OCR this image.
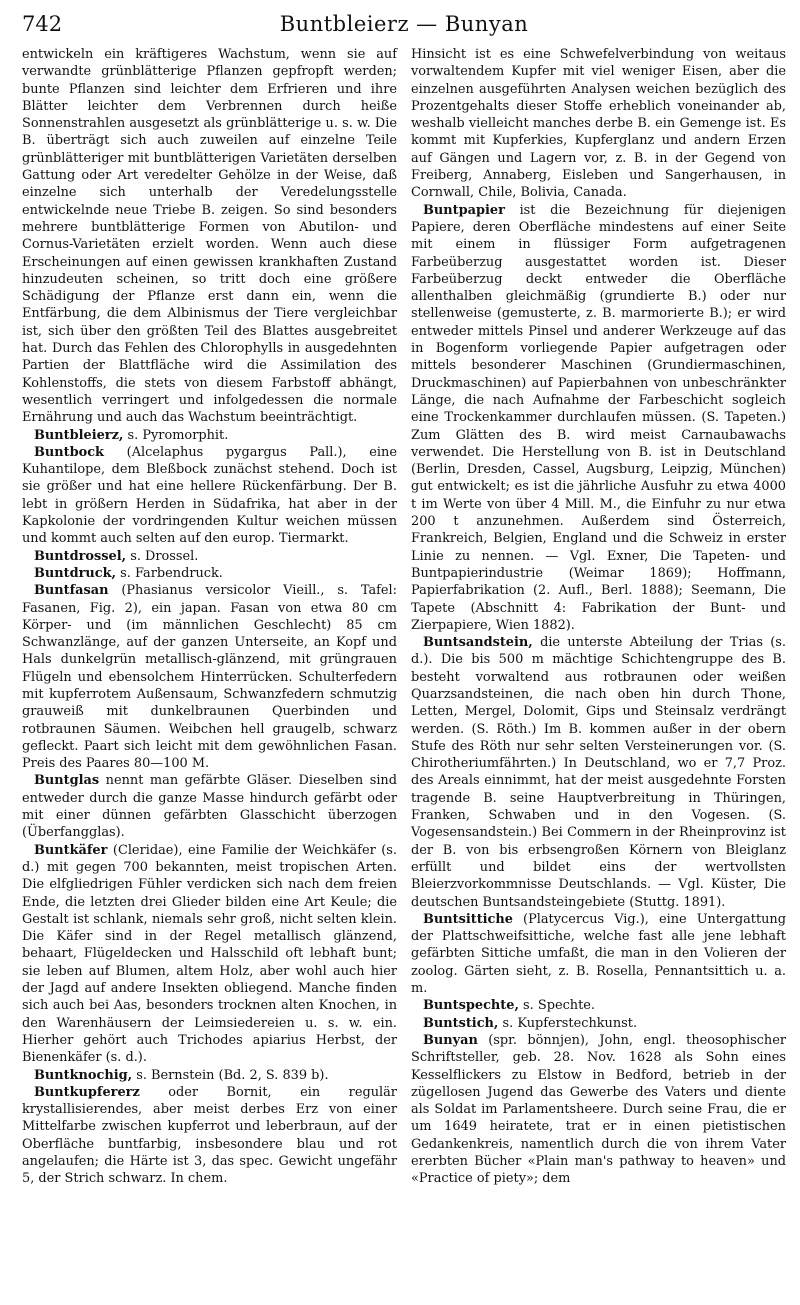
742	Buntbleierz — Bunyan

entwickeln ein kräftigeres Wachstum, wenn sie auf verwandte grünblätterige Pflanzen gepfropft werden; bunte Pflanzen sind leichter dem Erfrieren und ihre Blätter leichter dem Verbrennen durch heiße Sonnenstrahlen ausgesetzt als grünblätterige u. s. w. Die B. überträgt sich auch zuweilen auf einzelne Teile grünblätteriger mit buntblätterigen Varietäten derselben Gattung oder Art veredelter Gehölze in der Weise, daß einzelne sich unterhalb der Veredelungsstelle entwickelnde neue Triebe B. zeigen. So sind besonders mehrere buntblätterige Formen von Abutilon- und Cornus-Varietäten erzielt worden. Wenn auch diese Erscheinungen auf einen gewissen krankhaften Zustand hinzudeuten scheinen, so tritt doch eine größere Schädigung der Pflanze erst dann ein, wenn die Entfärbung, die dem Albinismus der Tiere vergleichbar ist, sich über den größten Teil des Blattes ausgebreitet hat. Durch das Fehlen des Chlorophylls in ausgedehnten Partien der Blattfläche wird die Assimilation des Kohlenstoffs, die stets von diesem Farbstoff abhängt, wesentlich verringert und infolgedessen die normale Ernährung und auch das Wachstum beeinträchtigt.

Buntbleierz, s. Pyromorphit.

Buntbock (Alcelaphus pygargus Pall.), eine Kuhantilope, dem Bleßbock zunächst stehend. Doch ist sie größer und hat eine hellere Rückenfärbung. Der B. lebt in größern Herden in Südafrika, hat aber in der Kapkolonie der vordringenden Kultur weichen müssen und kommt auch selten auf den europ. Tiermarkt.

Buntdrossel, s. Drossel.

Buntdruck, s. Farbendruck.

Buntfasan (Phasianus versicolor Vieill., s. Tafel: Fasanen, Fig. 2), ein japan. Fasan von etwa 80 cm Körper- und (im männlichen Geschlecht) 85 cm Schwanzlänge, auf der ganzen Unterseite, an Kopf und Hals dunkelgrün metallisch-glänzend, mit grüngrauen Flügeln und ebensolchem Hinterrücken. Schulterfedern mit kupferrotem Außensaum, Schwanzfedern schmutzig grauweiß mit dunkelbraunen Querbinden und rotbraunen Säumen. Weibchen hell graugelb, schwarz gefleckt. Paart sich leicht mit dem gewöhnlichen Fasan. Preis des Paares 80—100 M.

Buntglas nennt man gefärbte Gläser. Dieselben sind entweder durch die ganze Masse hindurch gefärbt oder mit einer dünnen gefärbten Glasschicht überzogen (Überfangglas).

Buntkäfer (Cleridae), eine Familie der Weichkäfer (s. d.) mit gegen 700 bekannten, meist tropischen Arten. Die elfgliedrigen Fühler verdicken sich nach dem freien Ende, die letzten drei Glieder bilden eine Art Keule; die Gestalt ist schlank, niemals sehr groß, nicht selten klein. Die Käfer sind in der Regel metallisch glänzend, behaart, Flügeldecken und Halsschild oft lebhaft bunt; sie leben auf Blumen, altem Holz, aber wohl auch hier der Jagd auf andere Insekten obliegend. Manche finden sich auch bei Aas, besonders trocknen alten Knochen, in den Warenhäusern der Leimsiedereien u. s. w. ein. Hierher gehört auch Trichodes apiarius Herbst, der Bienenkäfer (s. d.).

Buntknochig, s. Bernstein (Bd. 2, S. 839 b).

Buntkupfererz oder Bornit, ein regulär krystallisierendes, aber meist derbes Erz von einer Mittelfarbe zwischen kupferrot und leberbraun, auf der Oberfläche buntfarbig, insbesondere blau und rot angelaufen; die Härte ist 3, das spec. Gewicht ungefähr 5, der Strich schwarz. In chem.

Hinsicht ist es eine Schwefelverbindung von weitaus vorwaltendem Kupfer mit viel weniger Eisen, aber die einzelnen ausgeführten Analysen weichen bezüglich des Prozentgehalts dieser Stoffe erheblich voneinander ab, weshalb vielleicht manches derbe B. ein Gemenge ist. Es kommt mit Kupferkies, Kupferglanz und andern Erzen auf Gängen und Lagern vor, z. B. in der Gegend von Freiberg, Annaberg, Eisleben und Sangerhausen, in Cornwall, Chile, Bolivia, Canada.

Buntpapier ist die Bezeichnung für diejenigen Papiere, deren Oberfläche mindestens auf einer Seite mit einem in flüssiger Form aufgetragenen Farbeüberzug ausgestattet worden ist. Dieser Farbeüberzug deckt entweder die Oberfläche allenthalben gleichmäßig (grundierte B.) oder nur stellenweise (gemusterte, z. B. marmorierte B.); er wird entweder mittels Pinsel und anderer Werkzeuge auf das in Bogenform vorliegende Papier aufgetragen oder mittels besonderer Maschinen (Grundiermaschinen, Druckmaschinen) auf Papierbahnen von unbeschränkter Länge, die nach Aufnahme der Farbeschicht sogleich eine Trockenkammer durchlaufen müssen. (S. Tapeten.) Zum Glätten des B. wird meist Carnaubawachs verwendet. Die Herstellung von B. ist in Deutschland (Berlin, Dresden, Cassel, Augsburg, Leipzig, München) gut entwickelt; es ist die jährliche Ausfuhr zu etwa 4000 t im Werte von über 4 Mill. M., die Einfuhr zu nur etwa 200 t anzunehmen. Außerdem sind Österreich, Frankreich, Belgien, England und die Schweiz in erster Linie zu nennen. — Vgl. Exner, Die Tapeten- und Buntpapierindustrie (Weimar 1869); Hoffmann, Papierfabrikation (2. Aufl., Berl. 1888); Seemann, Die Tapete (Abschnitt 4: Fabrikation der Bunt- und Zierpapiere, Wien 1882).

Buntsandstein, die unterste Abteilung der Trias (s. d.). Die bis 500 m mächtige Schichtengruppe des B. besteht vorwaltend aus rotbraunen oder weißen Quarzsandsteinen, die nach oben hin durch Thone, Letten, Mergel, Dolomit, Gips und Steinsalz verdrängt werden. (S. Röth.) Im B. kommen außer in der obern Stufe des Röth nur sehr selten Versteinerungen vor. (S. Chirotheriumfährten.) In Deutschland, wo er 7,7 Proz. des Areals einnimmt, hat der meist ausgedehnte Forsten tragende B. seine Hauptverbreitung in Thüringen, Franken, Schwaben und in den Vogesen. (S. Vogesensandstein.) Bei Commern in der Rheinprovinz ist der B. von bis erbsengroßen Körnern von Bleiglanz erfüllt und bildet eins der wertvollsten Bleierzvorkommnisse Deutschlands. — Vgl. Küster, Die deutschen Buntsandsteingebiete (Stuttg. 1891).

Buntsittiche (Platycercus Vig.), eine Untergattung der Plattschweifsittiche, welche fast alle jene lebhaft gefärbten Sittiche umfaßt, die man in den Volieren der zoolog. Gärten sieht, z. B. Rosella, Pennantsittich u. a. m.

Buntspechte, s. Spechte.

Buntstich, s. Kupferstechkunst.

Bunyan (spr. bönnjen), John, engl. theosophischer Schriftsteller, geb. 28. Nov. 1628 als Sohn eines Kesselflickers zu Elstow in Bedford, betrieb in der zügellosen Jugend das Gewerbe des Vaters und diente als Soldat im Parlamentsheere. Durch seine Frau, die er um 1649 heiratete, trat er in einen pietistischen Gedankenkreis, namentlich durch die von ihrem Vater ererbten Bücher «Plain man's pathway to heaven» und «Practice of piety»; dem
